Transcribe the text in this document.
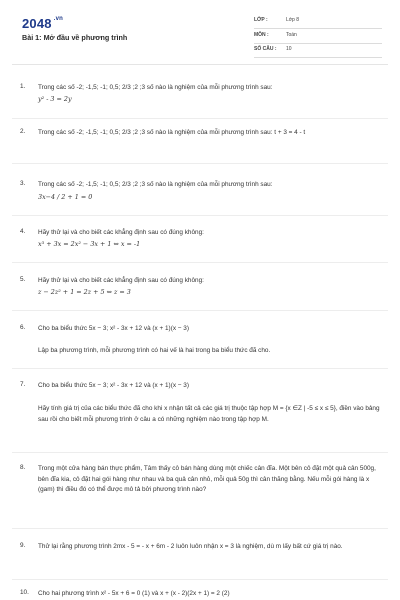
2048 $^{.vn}$
Bài 1: Mở đầu về phương trình
LỚP :	Lớp 8
MÔN :	Toán
SỐ CÂU : 10
1. Trong các số -2; -1,5; -1; 0,5; 2/3 ;2 ;3 số nào là nghiệm của mỗi phương trình sau:
y² - 3 = 2y
2. Trong các số -2; -1,5; -1; 0,5; 2/3 ;2 ;3 số nào là nghiệm của mỗi phương trình sau: t + 3 = 4 - t
3. Trong các số -2; -1,5; -1; 0,5; 2/3 ;2 ;3 số nào là nghiệm của mỗi phương trình sau:
3x−4 / 2 + 1 = 0
4. Hãy thử lại và cho biết các khẳng định sau có đúng không:
x³ + 3x = 2x² − 3x + 1 ⇔ x = -1
5. Hãy thử lại và cho biết các khẳng định sau có đúng không:
z − 2z² + 1 = 2z + 5 ⇔ z = 3
6. Cho ba biểu thức 5x − 3; x² - 3x + 12 và (x + 1)(x − 3)
Lập ba phương trình, mỗi phương trình có hai vế là hai trong ba biểu thức đã cho.
7. Cho ba biểu thức 5x − 3; x² - 3x + 12 và (x + 1)(x − 3)
Hãy tính giá trị của các biểu thức đã cho khi x nhận tất cả các giá trị thuộc tập hợp M = {x ∈Z | -5 ≤ x ≤ 5}, điền vào bảng sau rồi cho biết mỗi phương trình ở câu a có những nghiệm nào trong tập hợp M.
8. Trong một cửa hàng bán thực phẩm, Tâm thấy cô bán hàng dùng một chiếc cân đĩa. Một bên cô đặt một quả cân 500g, bên đĩa kia, cô đặt hai gói hàng như nhau và ba quả cân nhỏ, mỗi quả 50g thì cân thăng bằng. Nếu mỗi gói hàng là x (gam) thì điều đó có thể được mô tả bởi phương trình nào?
9. Thử lại rằng phương trình 2mx - 5 = - x + 6m - 2 luôn luôn nhận x = 3 là nghiệm, dù m lấy bất cứ giá trị nào.
10. Cho hai phương trình x² - 5x + 6 = 0 (1) và x + (x - 2)(2x + 1) = 2 (2)
